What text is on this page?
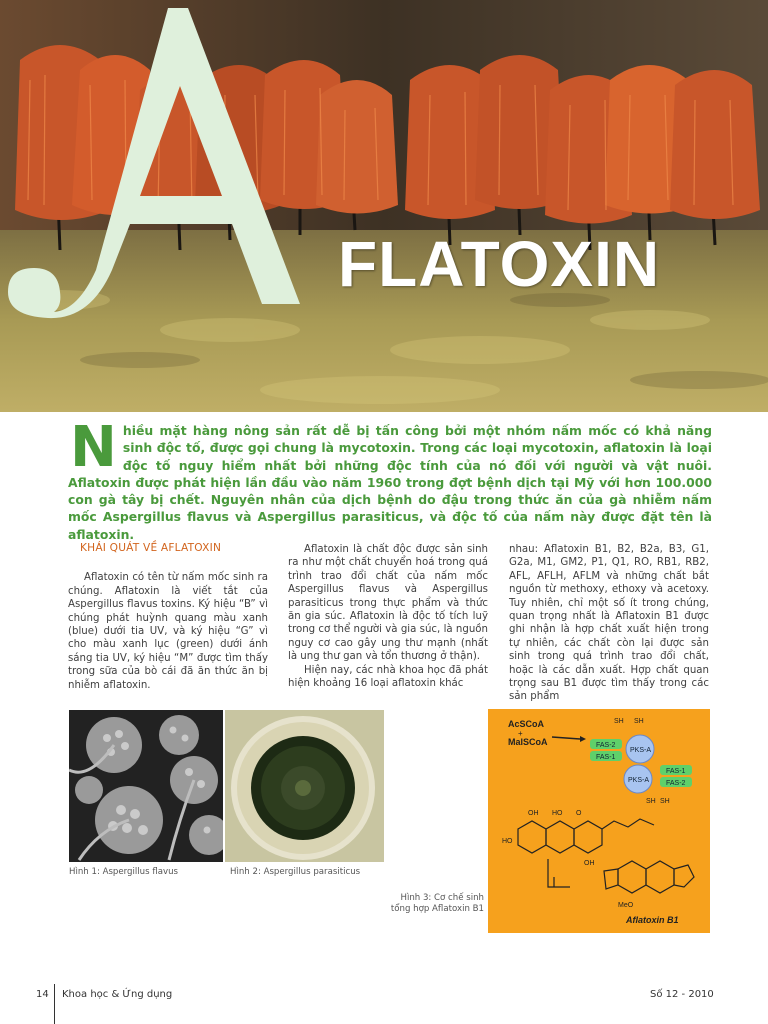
FLATOXIN
N hiều mặt hàng nông sản rất dễ bị tấn công bởi một nhóm nấm mốc có khả năng sinh độc tố, được gọi chung là mycotoxin. Trong các loại mycotoxin, aflatoxin là loại độc tố nguy hiểm nhất bởi những độc tính của nó đối với người và vật nuôi. Aflatoxin được phát hiện lần đầu vào năm 1960 trong đợt bệnh dịch tại Mỹ với hơn 100.000 con gà tây bị chết. Nguyên nhân của dịch bệnh do đậu trong thức ăn của gà nhiễm nấm mốc Aspergillus flavus và Aspergillus parasiticus, và độc tố của nấm này được đặt tên là aflatoxin.
KHÁI QUÁT VỀ AFLATOXIN

Aflatoxin có tên từ nấm mốc sinh ra chúng. Aflatoxin là viết tắt của Aspergillus flavus toxins. Ký hiệu “B” vì chúng phát huỳnh quang màu xanh (blue) dưới tia UV, và ký hiệu “G” vì cho màu xanh lục (green) dưới ánh sáng tia UV, ký hiệu “M” được tìm thấy trong sữa của bò cái đã ăn thức ăn bị nhiễm aflatoxin.

Aflatoxin là chất độc được sản sinh ra như một chất chuyển hoá trong quá trình trao đổi chất của nấm mốc Aspergillus flavus và Aspergillus parasiticus trong thực phẩm và thức ăn gia súc. Aflatoxin là độc tố tích luỹ trong cơ thể người và gia súc, là nguồn nguy cơ cao gây ung thư mạnh (nhất là ung thư gan và tổn thương ở thận).

Hiện nay, các nhà khoa học đã phát hiện khoảng 16 loại aflatoxin khác

nhau: Aflatoxin B1, B2, B2a, B3, G1, G2a, M1, GM2, P1, Q1, RO, RB1, RB2, AFL, AFLH, AFLM và những chất bắt nguồn từ methoxy, ethoxy và acetoxy. Tuy nhiên, chỉ một số ít trong chúng, quan trọng nhất là Aflatoxin B1 được ghi nhận là hợp chất xuất hiện trong tự nhiên, các chất còn lại được sản sinh trong quá trình trao đổi chất, hoặc là các dẫn xuất. Hợp chất quan trọng sau B1 được tìm thấy trong các sản phẩm

Hình 1: Aspergillus flavus	Hình 2: Aspergillus parasiticus
AcSCoA
+
MalSCoA
SH SH
FAS-2
FAS-1
PKS-A
PKS-A
FAS-1
FAS-2
SH SH
OH HO O
HO
OH
MeO
Aflatoxin B1
Hình 3: Cơ chế sinh
tổng hợp Aflatoxin B1
14 Khoa học & Ứng dụng	Số 12 - 2010
